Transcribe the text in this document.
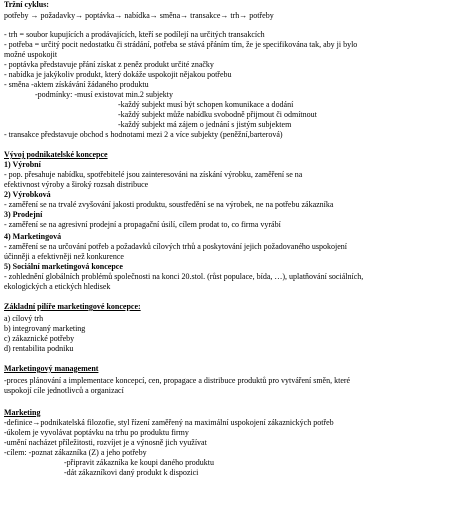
Tržní cyklus:
potřeby → požadavky→ poptávka→ nabídka→ směna→ transakce→ trh→ potřeby
- trh = soubor kupujících a prodávajících, kteří se podílejí na určitých transakcích
- potřeba = určitý pocit nedostatku či strádání, potřeba se stává přáním tím, že je specifikována tak, aby ji bylo
možné uspokojit
- poptávka představuje přání získat z peněz produkt určité značky
- nabídka je jakýkoliv produkt, který dokáže uspokojit nějakou potřebu
- směna -aktem získávání žádaného produktu
-podmínky: -musí existovat min.2 subjekty
-každý subjekt musí být schopen komunikace a dodání
-každý subjekt může nabídku svobodně přijmout či odmítnout
-každý subjekt má zájem o jednání s jistým subjektem
- transakce představuje obchod s hodnotami mezi 2 a více subjekty (peněžní,barterová)
Vývoj podnikatelské koncepce
1) Výrobní
- pop. přesahuje nabídku, spotřebitelé jsou zainteresováni na získání výrobku, zaměření se na
efektivnost výroby a široký rozsah distribuce
2) Výrobková
- zaměření se na trvalé zvyšování jakosti produktu, soustředění se na výrobek, ne na potřebu zákazníka
3) Prodejní
- zaměření se na agresivní prodejní a propagační úsilí, cílem prodat to, co firma vyrábí
4) Marketingová
- zaměření se na určování potřeb a požadavků cílových trhů a poskytování jejich požadovaného uspokojení
účinněji a efektivněji než konkurence
5) Sociální marketingová koncepce
- zohlednění globálních problémů společnosti na konci 20.stol. (růst populace, bída, …), uplatňování sociálních,
ekologických a etických hledisek
Základní pilíře marketingové koncepce:
a) cílový trh
b) integrovaný marketing
c) zákaznické potřeby
d) rentabilita podniku
Marketingový management
-proces plánování a implementace koncepcí, cen, propagace a distribuce produktů pro vytváření směn, které
uspokojí cíle jednotlivců a organizací
Marketing
-definice→podnikatelská filozofie, styl řízení zaměřený na maximální uspokojení zákaznických potřeb
-úkolem je vyvolávat poptávku na trhu po produktu firmy
-umění nacházet příležitosti, rozvíjet je a výnosně jich využívat
-cílem: -poznat zákazníka (Z) a jeho potřeby
-připravit zákazníka ke koupi daného produktu
-dát zákazníkovi daný produkt k dispozici
